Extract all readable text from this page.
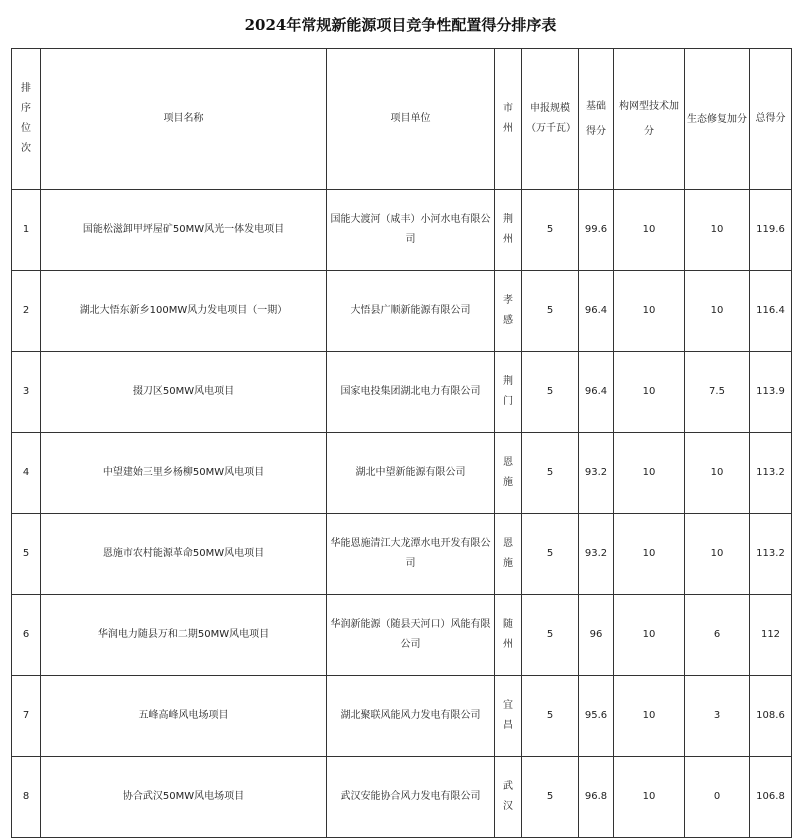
2024年常规新能源项目竞争性配置得分排序表
排序位次	项目名称	项目单位	市州	申报规模（万千瓦）	基础得分	构网型技术加分	生态修复加分	总得分
1	国能松滋卸甲坪屋矿50MW风光一体发电项目	国能大渡河（咸丰）小河水电有限公司	荆州	5	99.6	10	10	119.6
2	湖北大悟东新乡100MW风力发电项目（一期）	大悟县广顺新能源有限公司	孝感	5	96.4	10	10	116.4
3	掇刀区50MW风电项目	国家电投集团湖北电力有限公司	荆门	5	96.4	10	7.5	113.9
4	中望建始三里乡杨柳50MW风电项目	湖北中望新能源有限公司	恩施	5	93.2	10	10	113.2
5	恩施市农村能源革命50MW风电项目	华能恩施清江大龙潭水电开发有限公司	恩施	5	93.2	10	10	113.2
6	华润电力随县万和二期50MW风电项目	华润新能源（随县天河口）风能有限公司	随州	5	96	10	6	112
7	五峰高峰风电场项目	湖北聚联风能风力发电有限公司	宜昌	5	95.6	10	3	108.6
8	协合武汉50MW风电场项目	武汉安能协合风力发电有限公司	武汉	5	96.8	10	0	106.8
